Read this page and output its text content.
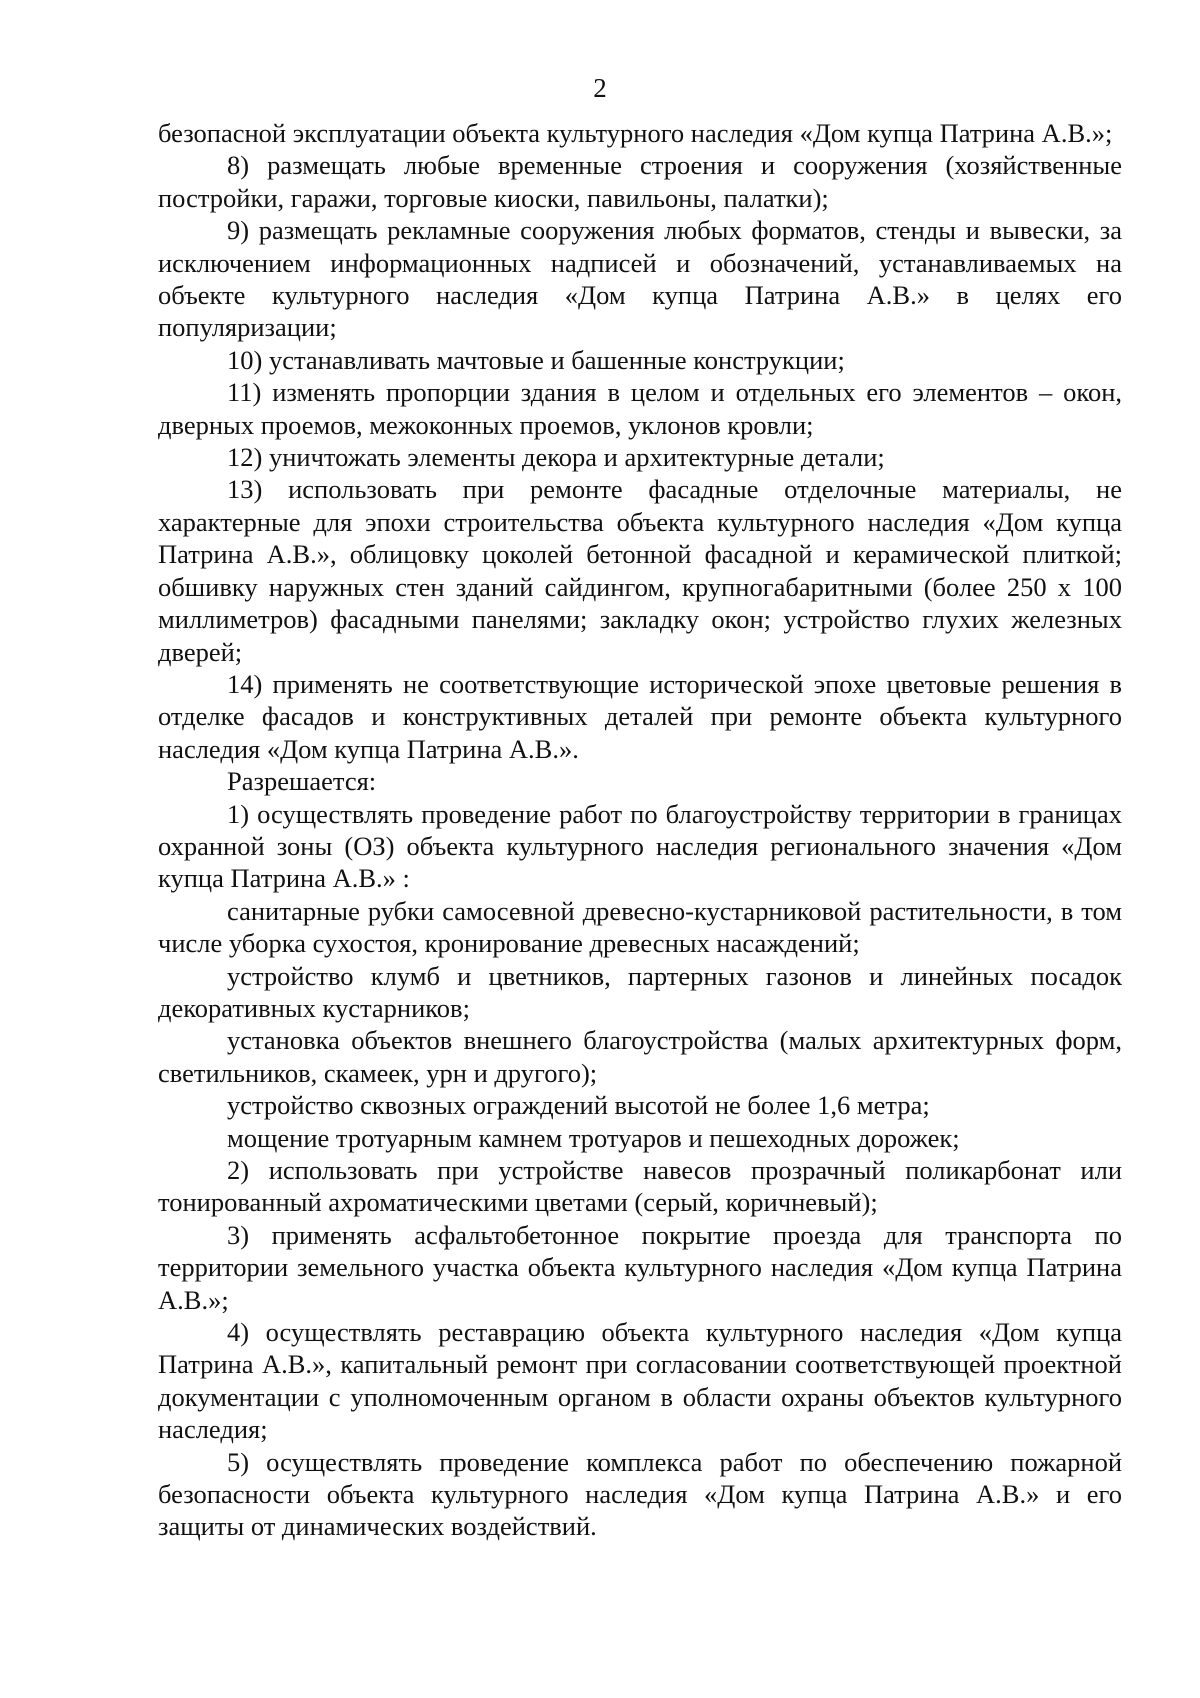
2

безопасной эксплуатации объекта культурного наследия «Дом купца Патрина А.В.»;

8) размещать любые временные строения и сооружения (хозяйственные постройки, гаражи, торговые киоски, павильоны, палатки);

9) размещать рекламные сооружения любых форматов, стенды и вывески, за исключением информационных надписей и обозначений, устанавливаемых на объекте культурного наследия «Дом купца Патрина А.В.» в целях его популяризации;

10) устанавливать мачтовые и башенные конструкции;

11) изменять пропорции здания в целом и отдельных его элементов – окон, дверных проемов, межоконных проемов, уклонов кровли;

12) уничтожать элементы декора и архитектурные детали;

13) использовать при ремонте фасадные отделочные материалы, не характерные для эпохи строительства объекта культурного наследия «Дом купца Патрина А.В.», облицовку цоколей бетонной фасадной и керамической плиткой; обшивку наружных стен зданий сайдингом, крупногабаритными (более 250 х 100 миллиметров) фасадными панелями; закладку окон; устройство глухих железных дверей;

14) применять не соответствующие исторической эпохе цветовые решения в отделке фасадов и конструктивных деталей при ремонте объекта культурного наследия «Дом купца Патрина А.В.».

Разрешается:

1) осуществлять проведение работ по благоустройству территории в границах охранной зоны (ОЗ) объекта культурного наследия регионального значения «Дом купца Патрина А.В.» :

санитарные рубки самосевной древесно-кустарниковой растительности, в том числе уборка сухостоя, кронирование древесных насаждений;

устройство клумб и цветников, партерных газонов и линейных посадок декоративных кустарников;

установка объектов внешнего благоустройства (малых архитектурных форм, светильников, скамеек, урн и другого);

устройство сквозных ограждений высотой не более 1,6 метра;

мощение тротуарным камнем тротуаров и пешеходных дорожек;

2) использовать при устройстве навесов прозрачный поликарбонат или тонированный ахроматическими цветами (серый, коричневый);

3) применять асфальтобетонное покрытие проезда для транспорта по территории земельного участка объекта культурного наследия «Дом купца Патрина А.В.»;

4) осуществлять реставрацию объекта культурного наследия «Дом купца Патрина А.В.», капитальный ремонт при согласовании соответствующей проектной документации с уполномоченным органом в области охраны объектов культурного наследия;

5) осуществлять проведение комплекса работ по обеспечению пожарной безопасности объекта культурного наследия «Дом купца Патрина А.В.» и его защиты от динамических воздействий.
